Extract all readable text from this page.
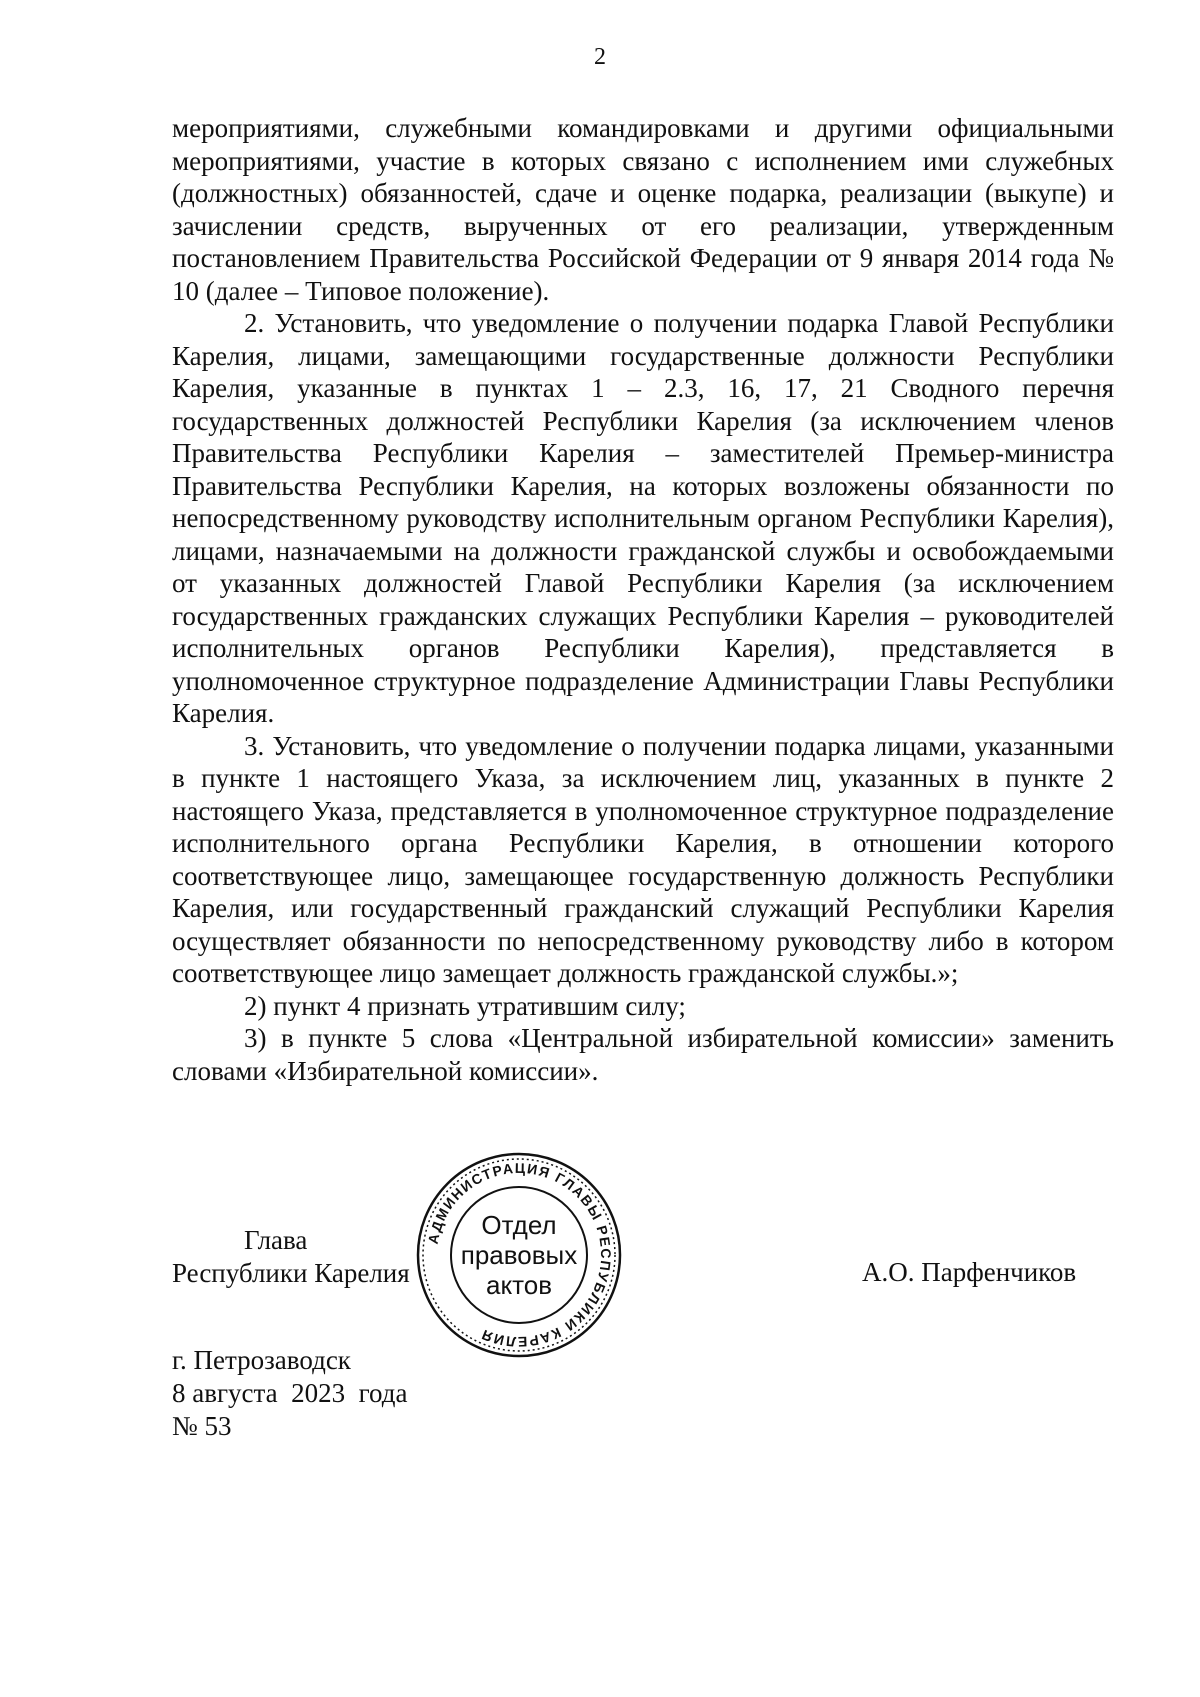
2

мероприятиями, служебными командировками и другими официальными мероприятиями, участие в которых связано с исполнением ими служебных (должностных) обязанностей, сдаче и оценке подарка, реализации (выкупе) и зачислении средств, вырученных от его реализации, утвержденным постановлением Правительства Российской Федерации от 9 января 2014 года № 10 (далее – Типовое положение).

2. Установить, что уведомление о получении подарка Главой Республики Карелия, лицами, замещающими государственные должности Республики Карелия, указанные в пунктах 1 – 2.3, 16, 17, 21 Сводного перечня государственных должностей Республики Карелия (за исключением членов Правительства Республики Карелия – заместителей Премьер-министра Правительства Республики Карелия, на которых возложены обязанности по непосредственному руководству исполнительным органом Республики Карелия), лицами, назначаемыми на должности гражданской службы и освобождаемыми от указанных должностей Главой Республики Карелия (за исключением государственных гражданских служащих Республики Карелия – руководителей исполнительных органов Республики Карелия), представляется в уполномоченное структурное подразделение Администрации Главы Республики Карелия.

3. Установить, что уведомление о получении подарка лицами, указанными в пункте 1 настоящего Указа, за исключением лиц, указанных в пункте 2 настоящего Указа, представляется в уполномоченное структурное подразделение исполнительного органа Республики Карелия, в отношении которого соответствующее лицо, замещающее государственную должность Республики Карелия, или государственный гражданский служащий Республики Карелия осуществляет обязанности по непосредственному руководству либо в котором соответствующее лицо замещает должность гражданской службы.»;

2) пункт 4 признать утратившим силу;

3) в пункте 5 слова «Центральной избирательной комиссии» заменить словами «Избирательной комиссии».

Глава
Республики Карелия
АДМИНИСТРАЦИЯ ГЛАВЫ РЕСПУБЛИКИ КАРЕЛИЯ
Отдел
правовых
актов	А.О. Парфенчиков
г. Петрозаводск
8 августа  2023  года
№ 53
